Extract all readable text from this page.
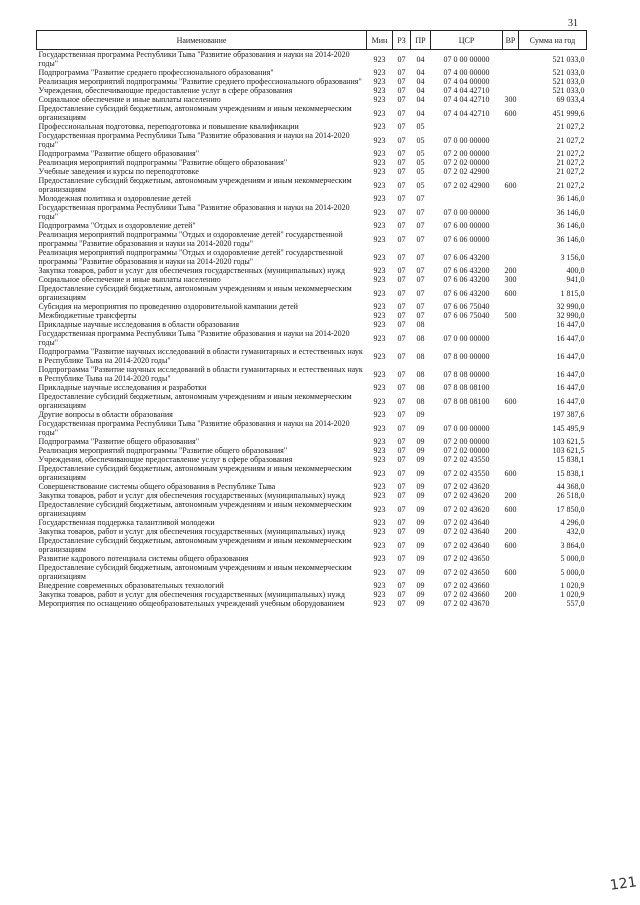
31
Наименование	Мин	РЗ	ПР	ЦСР	ВР	Сумма на год
Государственная программа Республики Тыва "Развитие образования и науки на 2014-2020 годы"	923	07	04	07 0 00 00000		521 033,0
Подпрограмма "Развитие среднего профессионального образования"	923	07	04	07 4 00 00000		521 033,0
Реализация мероприятий подпрограммы "Развитие среднего профессионального образования"	923	07	04	07 4 04 00000		521 033,0
Учреждения, обеспечивающие предоставление услуг в сфере образования	923	07	04	07 4 04 42710		521 033,0
Социальное обеспечение и иные выплаты населению	923	07	04	07 4 04 42710	300	69 033,4
Предоставление субсидий бюджетным, автономным учреждениям и иным некоммерческим организациям	923	07	04	07 4 04 42710	600	451 999,6
Профессиональная подготовка, переподготовка и повышение квалификации	923	07	05			21 027,2
Государственная программа Республики Тыва "Развитие образования и науки на 2014-2020 годы"	923	07	05	07 0 00 00000		21 027,2
Подпрограмма "Развитие общего образования"	923	07	05	07 2 00 00000		21 027,2
Реализация мероприятий подпрограммы "Развитие общего образования"	923	07	05	07 2 02 00000		21 027,2
Учебные заведения и курсы по переподготовке	923	07	05	07 2 02 42900		21 027,2
Предоставление субсидий бюджетным, автономным учреждениям и иным некоммерческим организациям	923	07	05	07 2 02 42900	600	21 027,2
Молодежная политика и оздоровление детей	923	07	07			36 146,0
Государственная программа Республики Тыва "Развитие образования и науки на 2014-2020 годы"	923	07	07	07 0 00 00000		36 146,0
Подпрограмма "Отдых и оздоровление детей"	923	07	07	07 6 00 00000		36 146,0
Реализация мероприятий подпрограммы "Отдых и оздоровление детей" государственной программы "Развитие образования и науки на 2014-2020 годы"	923	07	07	07 6 06 00000		36 146,0
Реализация мероприятий подпрограммы "Отдых и оздоровление детей" государственной программы "Развитие образования и науки на 2014-2020 годы"	923	07	07	07 6 06 43200		3 156,0
Закупка товаров, работ и услуг для обеспечения государственных (муниципальных) нужд	923	07	07	07 6 06 43200	200	400,0
Социальное обеспечение и иные выплаты населению	923	07	07	07 6 06 43200	300	941,0
Предоставление субсидий бюджетным, автономным учреждениям и иным некоммерческим организациям	923	07	07	07 6 06 43200	600	1 815,0
Субсидия на мероприятия по проведению оздоровительной кампании детей	923	07	07	07 6 06 75040		32 990,0
Межбюджетные трансферты	923	07	07	07 6 06 75040	500	32 990,0
Прикладные научные исследования в области образования	923	07	08			16 447,0
Государственная программа Республики Тыва "Развитие образования и науки на 2014-2020 годы"	923	07	08	07 0 00 00000		16 447,0
Подпрограмма "Развитие научных исследований в области гуманитарных и естественных наук в Республике Тыва на 2014-2020 годы"	923	07	08	07 8 00 00000		16 447,0
Подпрограмма "Развитие научных исследований в области гуманитарных и естественных наук в Республике Тыва на 2014-2020 годы"	923	07	08	07 8 08 00000		16 447,0
Прикладные научные исследования и разработки	923	07	08	07 8 08 08100		16 447,0
Предоставление субсидий бюджетным, автономным учреждениям и иным некоммерческим организациям	923	07	08	07 8 08 08100	600	16 447,0
Другие вопросы в области образования	923	07	09			197 387,6
Государственная программа Республики Тыва "Развитие образования и науки на 2014-2020 годы"	923	07	09	07 0 00 00000		145 495,9
Подпрограмма "Развитие общего образования"	923	07	09	07 2 00 00000		103 621,5
Реализация мероприятий подпрограммы "Развитие общего образования"	923	07	09	07 2 02 00000		103 621,5
Учреждения, обеспечивающие предоставление услуг в сфере образования	923	07	09	07 2 02 43550		15 838,1
Предоставление субсидий бюджетным, автономным учреждениям и иным некоммерческим организациям	923	07	09	07 2 02 43550	600	15 838,1
Совершенствование системы общего образования в Республике Тыва	923	07	09	07 2 02 43620		44 368,0
Закупка товаров, работ и услуг для обеспечения государственных (муниципальных) нужд	923	07	09	07 2 02 43620	200	26 518,0
Предоставление субсидий бюджетным, автономным учреждениям и иным некоммерческим организациям	923	07	09	07 2 02 43620	600	17 850,0
Государственная поддержка талантливой молодежи	923	07	09	07 2 02 43640		4 296,0
Закупка товаров, работ и услуг для обеспечения государственных (муниципальных) нужд	923	07	09	07 2 02 43640	200	432,0
Предоставление субсидий бюджетным, автономным учреждениям и иным некоммерческим организациям	923	07	09	07 2 02 43640	600	3 864,0
Развитие кадрового потенциала системы общего образования	923	07	09	07 2 02 43650		5 000,0
Предоставление субсидий бюджетным, автономным учреждениям и иным некоммерческим организациям	923	07	09	07 2 02 43650	600	5 000,0
Внедрение современных образовательных технологий	923	07	09	07 2 02 43660		1 020,9
Закупка товаров, работ и услуг для обеспечения государственных (муниципальных) нужд	923	07	09	07 2 02 43660	200	1 020,9
Мероприятия по оснащению общеобразовательных учреждений учебным оборудованием	923	07	09	07 2 02 43670		557,0
121
